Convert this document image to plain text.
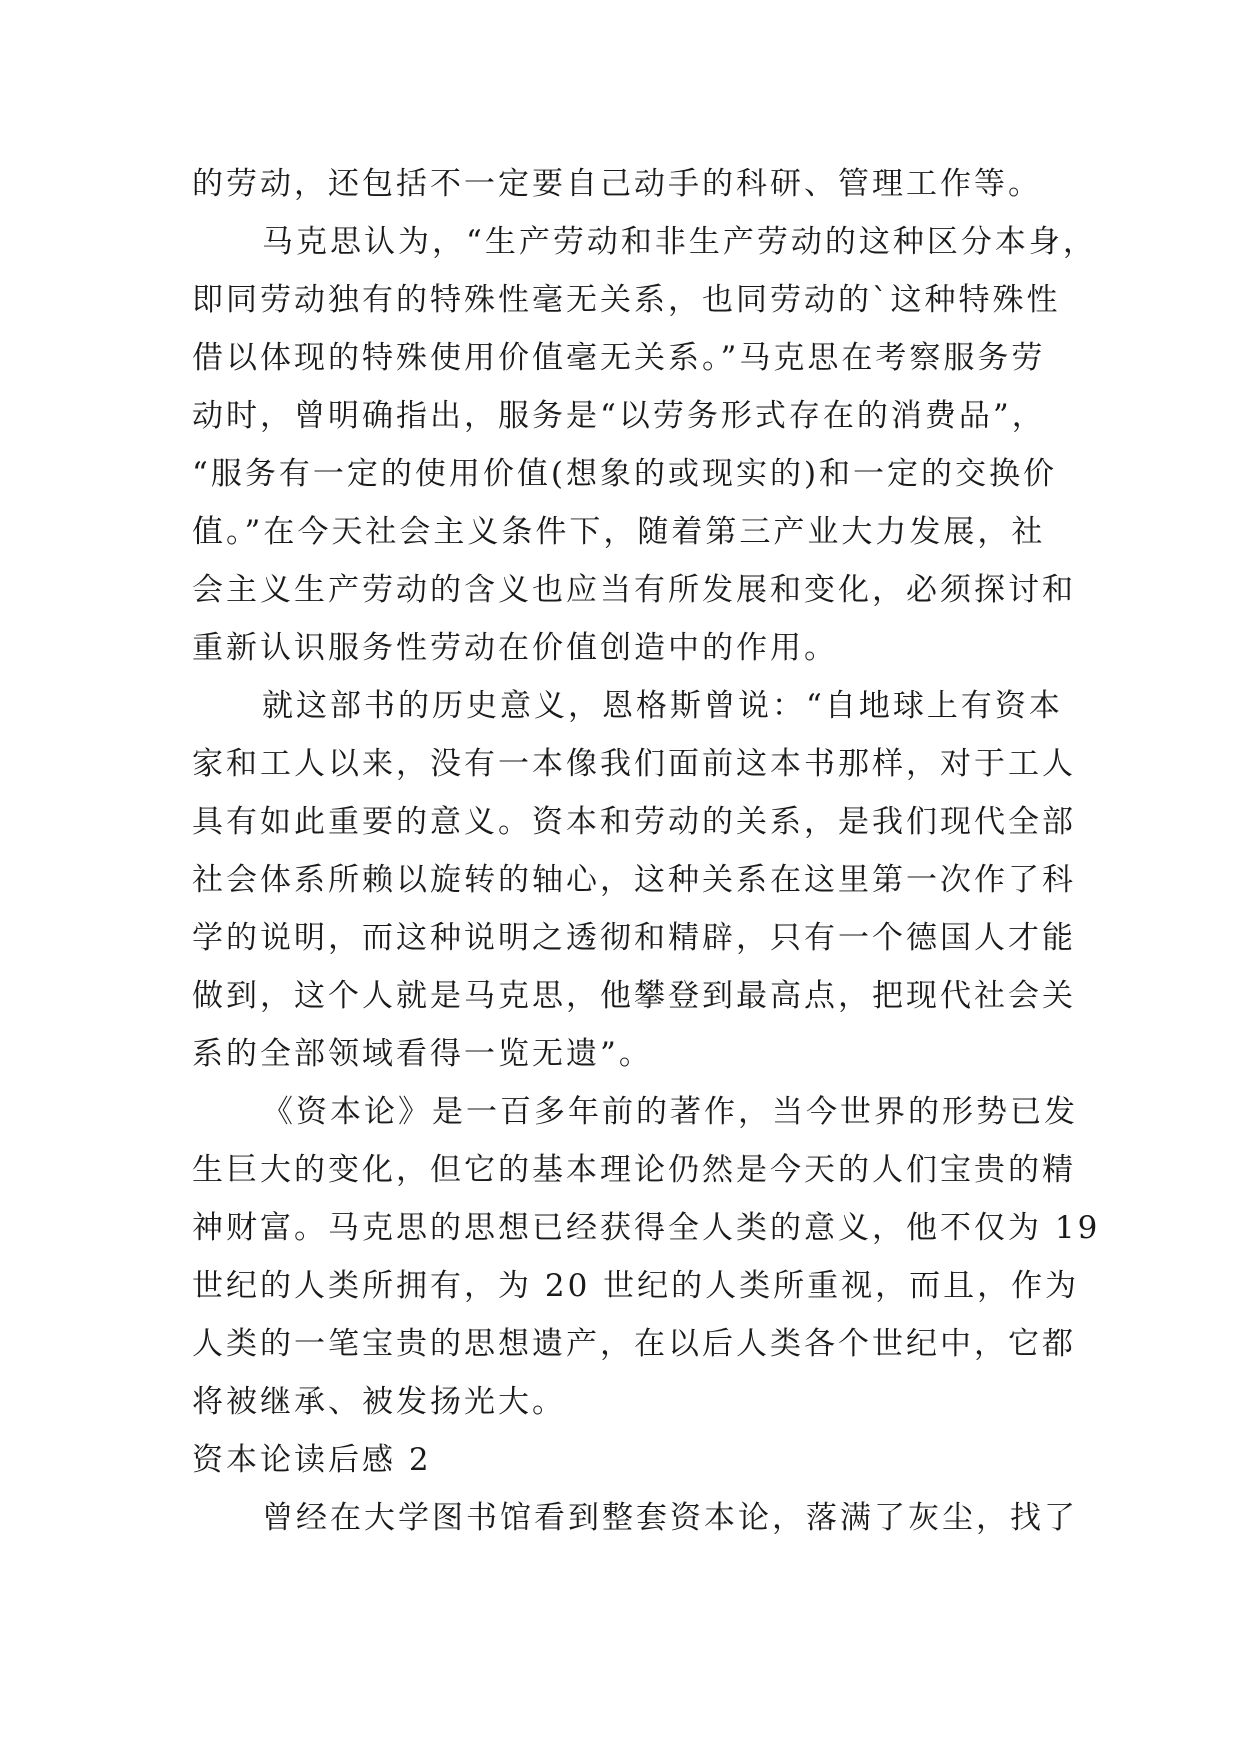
的劳动，还包括不一定要自己动手的科研、管理工作等。
马克思认为，“生产劳动和非生产劳动的这种区分本身，
即同劳动独有的特殊性毫无关系，也同劳动的`这种特殊性
借以体现的特殊使用价值毫无关系。”马克思在考察服务劳
动时，曾明确指出，服务是“以劳务形式存在的消费品”，
“服务有一定的使用价值(想象的或现实的)和一定的交换价
值。”在今天社会主义条件下，随着第三产业大力发展，社
会主义生产劳动的含义也应当有所发展和变化，必须探讨和
重新认识服务性劳动在价值创造中的作用。
就这部书的历史意义，恩格斯曾说：“自地球上有资本
家和工人以来，没有一本像我们面前这本书那样，对于工人
具有如此重要的意义。资本和劳动的关系，是我们现代全部
社会体系所赖以旋转的轴心，这种关系在这里第一次作了科
学的说明，而这种说明之透彻和精辟，只有一个德国人才能
做到，这个人就是马克思，他攀登到最高点，把现代社会关
系的全部领域看得一览无遗”。
《资本论》是一百多年前的著作，当今世界的形势已发
生巨大的变化，但它的基本理论仍然是今天的人们宝贵的精
神财富。马克思的思想已经获得全人类的意义，他不仅为 19
世纪的人类所拥有，为 20 世纪的人类所重视，而且，作为
人类的一笔宝贵的思想遗产，在以后人类各个世纪中，它都
将被继承、被发扬光大。
资本论读后感 2
曾经在大学图书馆看到整套资本论，落满了灰尘，找了
